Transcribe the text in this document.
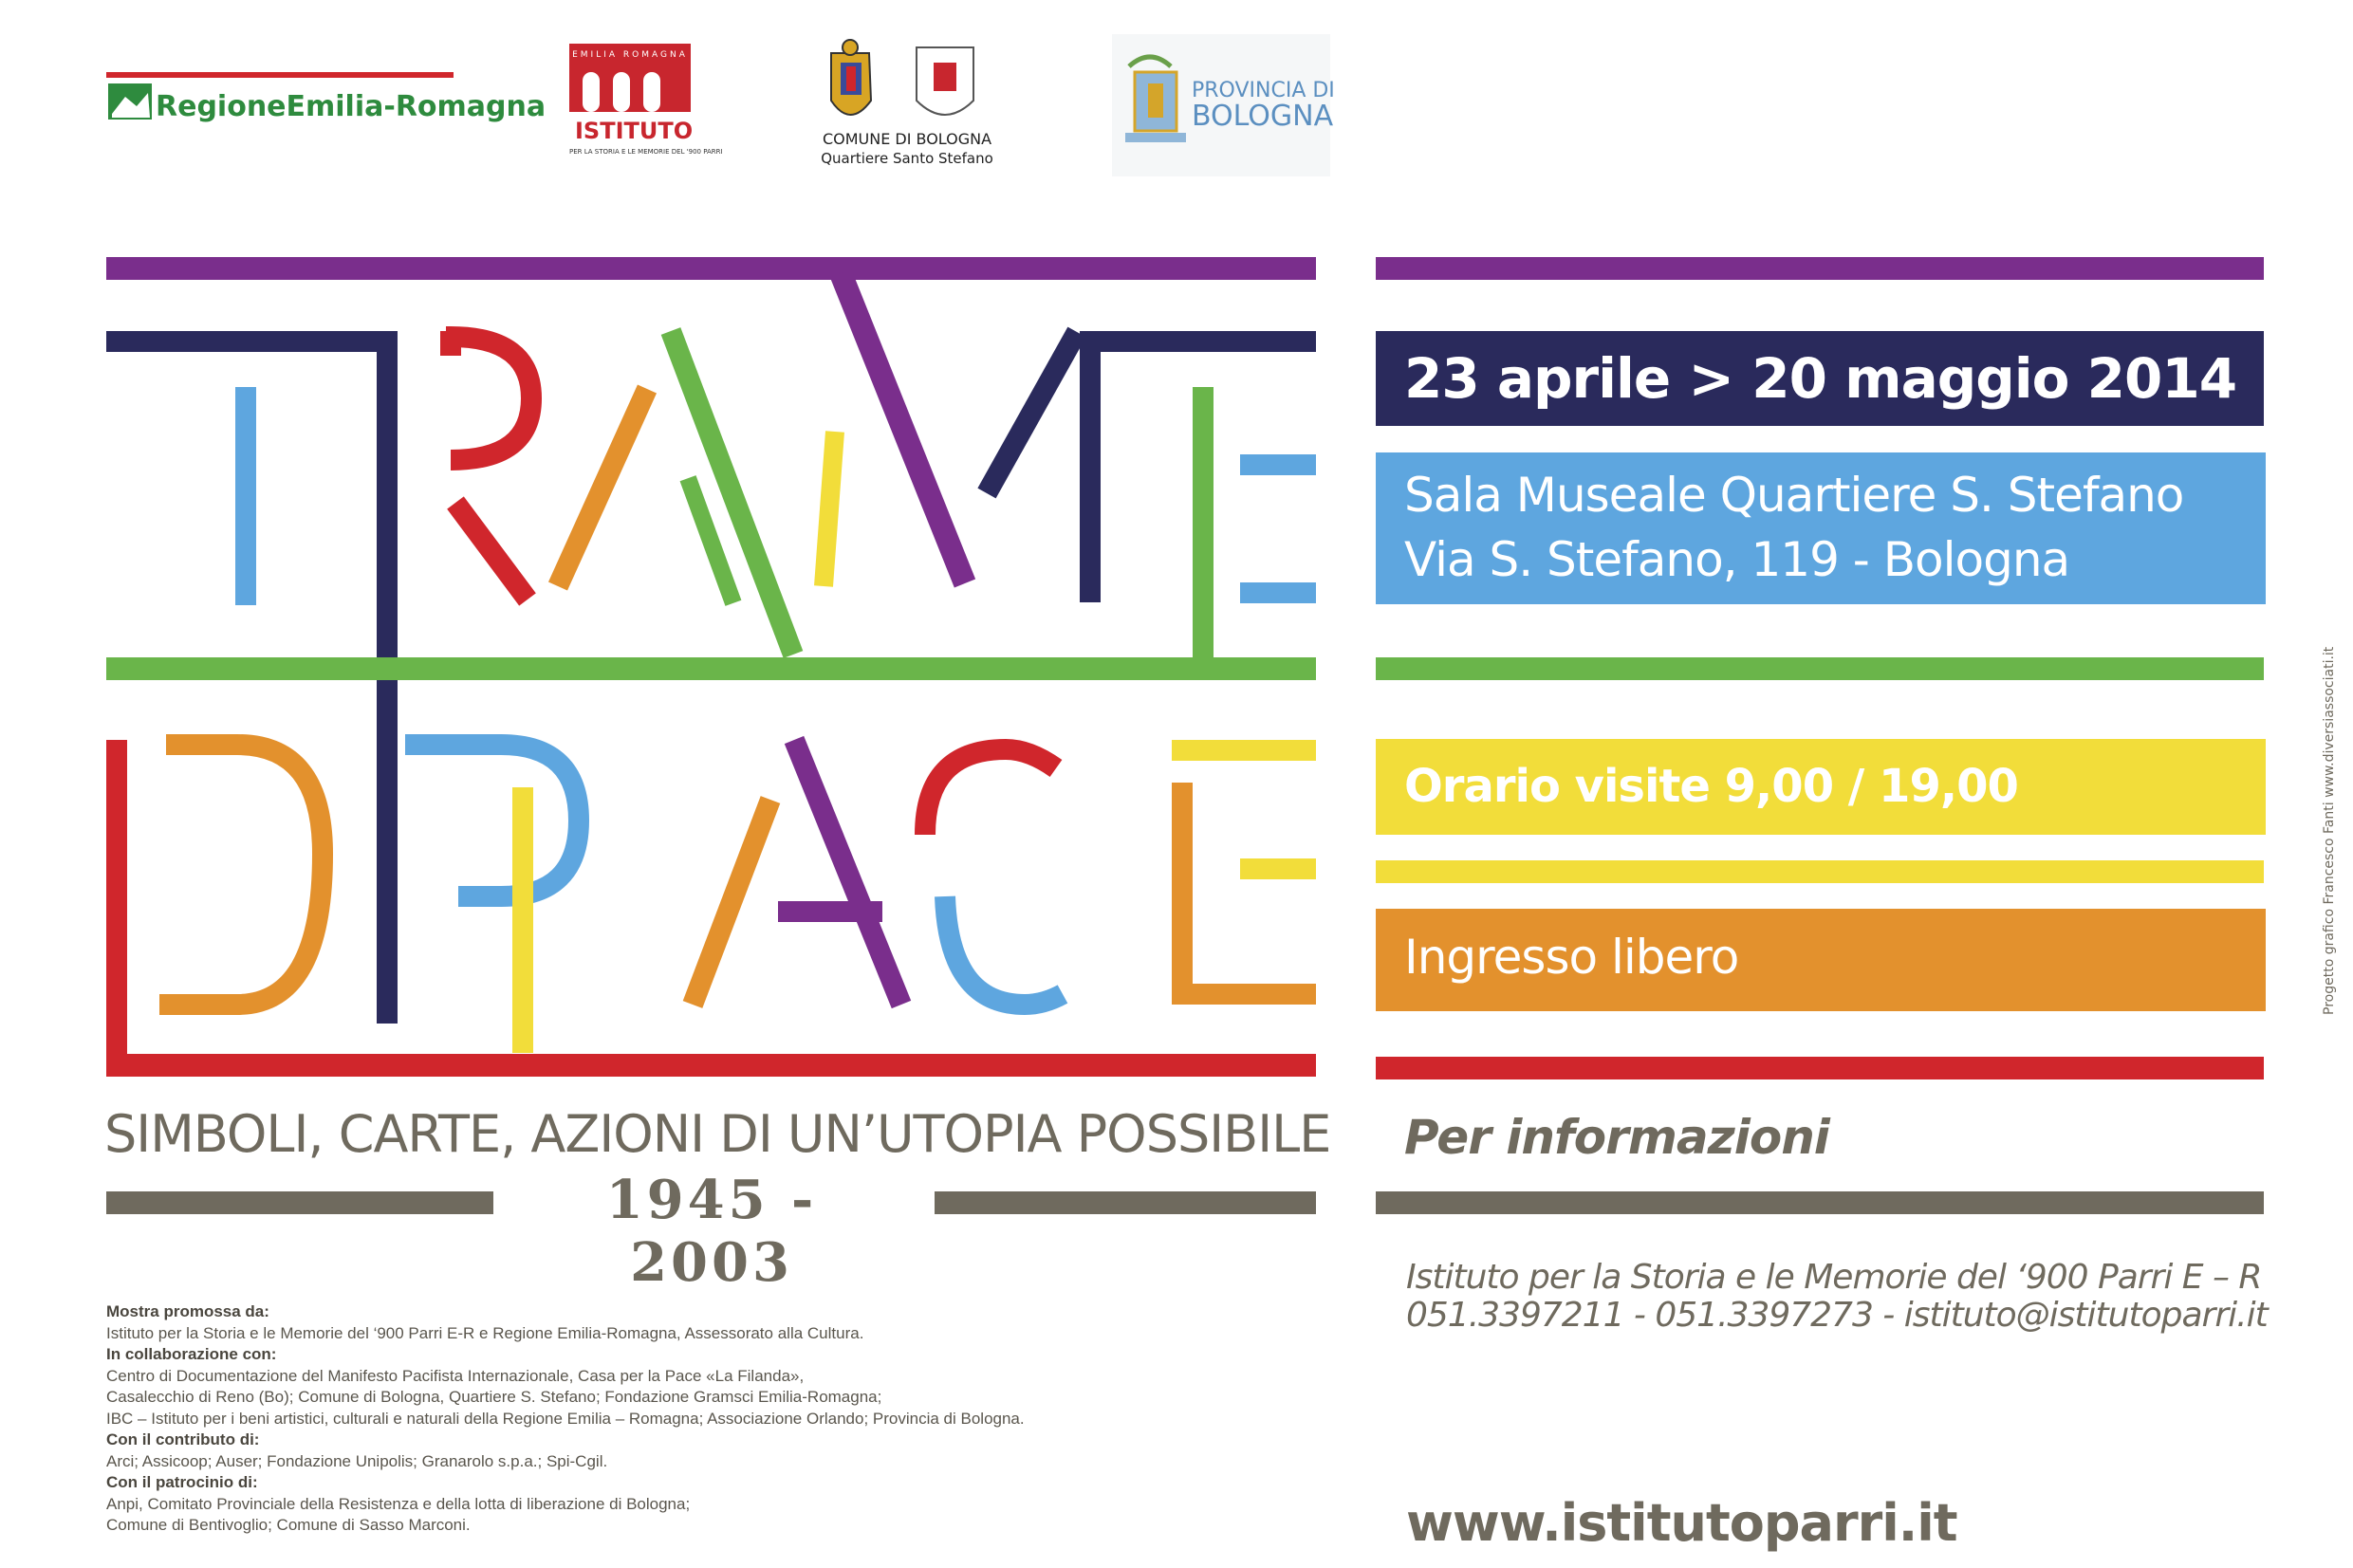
RegioneEmilia-Romagna
EMILIA ROMAGNA
ISTITUTO
PER LA STORIA E LE MEMORIE DEL '900 PARRI
COMUNE DI BOLOGNA
Quartiere Santo Stefano
PROVINCIA DI
BOLOGNA
SIMBOLI, CARTE, AZIONI DI UN’UTOPIA POSSIBILE
1945 - 2003
Mostra promossa da:
Istituto per la Storia e le Memorie del ‘900 Parri E-R e Regione Emilia-Romagna, Assessorato alla Cultura.
In collaborazione con:
Centro di Documentazione del Manifesto Pacifista Internazionale, Casa per la Pace «La Filanda»,
Casalecchio di Reno (Bo); Comune di Bologna, Quartiere S. Stefano; Fondazione Gramsci Emilia-Romagna;
IBC – Istituto per i beni artistici, culturali e naturali della Regione Emilia – Romagna; Associazione Orlando; Provincia di Bologna.
Con il contributo di:
Arci; Assicoop; Auser; Fondazione Unipolis; Granarolo s.p.a.; Spi-Cgil.
Con il patrocinio di:
Anpi, Comitato Provinciale della Resistenza e della lotta di liberazione di Bologna;
Comune di Bentivoglio; Comune di Sasso Marconi.
23 aprile > 20 maggio 2014
Sala Museale Quartiere S. Stefano
Via S. Stefano, 119 - Bologna
Orario visite 9,00 / 19,00
Ingresso libero
Per informazioni
Istituto per la Storia e le Memorie del ‘900 Parri E – R
051.3397211 - 051.3397273 - istituto@istitutoparri.it
www.istitutoparri.it
Progetto grafico Francesco Fanti www.diversiassociati.it
